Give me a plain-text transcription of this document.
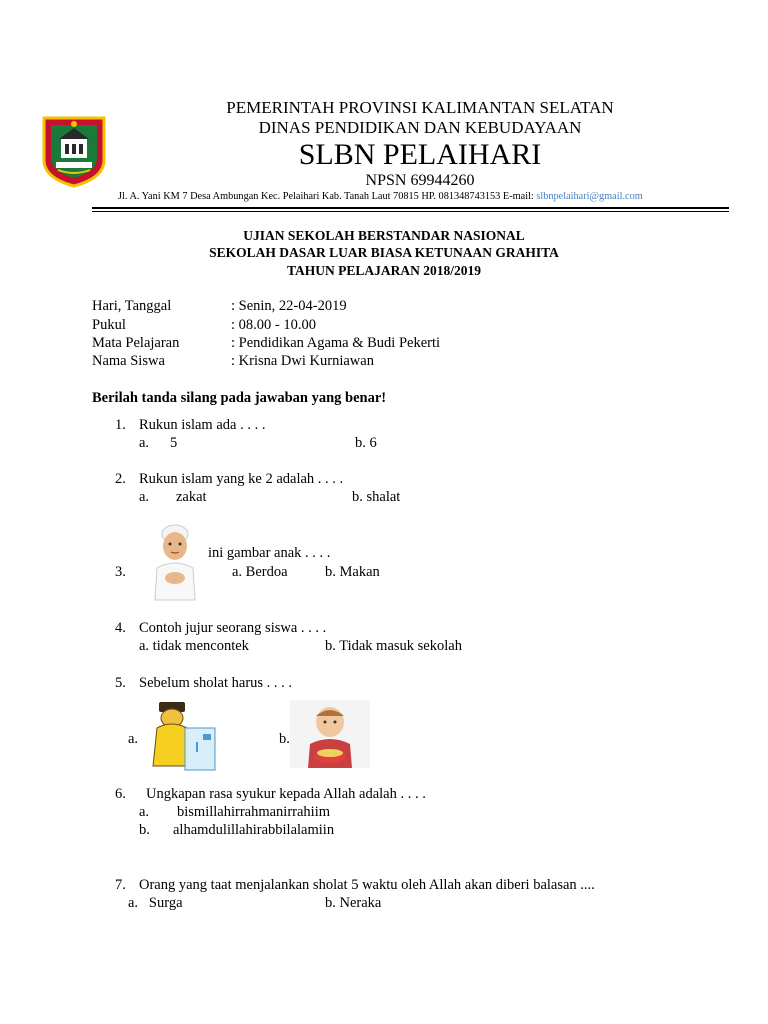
PEMERINTAH PROVINSI KALIMANTAN SELATAN
DINAS PENDIDIKAN DAN KEBUDAYAAN
SLBN PELAIHARI
NPSN 69944260
Jl. A. Yani KM 7 Desa Ambungan Kec. Pelaihari Kab. Tanah Laut 70815 HP. 081348743153 E-mail: slbnpelaihari@gmail.com
UJIAN SEKOLAH BERSTANDAR NASIONAL
SEKOLAH DASAR LUAR BIASA KETUNAAN GRAHITA
TAHUN PELAJARAN 2018/2019
Hari, Tanggal	: Senin, 22-04-2019
Pukul	: 08.00 - 10.00
Mata Pelajaran	: Pendidikan Agama & Budi Pekerti
Nama Siswa	: Krisna Dwi Kurniawan
Berilah tanda silang pada jawaban yang benar!
1. Rukun islam ada . . . .
a. 5	b. 6
2. Rukun islam yang ke 2 adalah . . . .
a. zakat	b. shalat
ini gambar anak . . . .
3.	a. Berdoa	b. Makan
4. Contoh jujur seorang siswa . . . .
a. tidak mencontek	b. Tidak masuk sekolah
5. Sebelum sholat harus . . . .
a.	b.
6. Ungkapan rasa syukur kepada Allah adalah . . . .
a. bismillahirrahmanirrahiim
b. alhamdulillahirabbilalamiin
7. Orang yang taat menjalankan sholat 5 waktu oleh Allah akan diberi balasan ....
a.   Surga	b. Neraka
